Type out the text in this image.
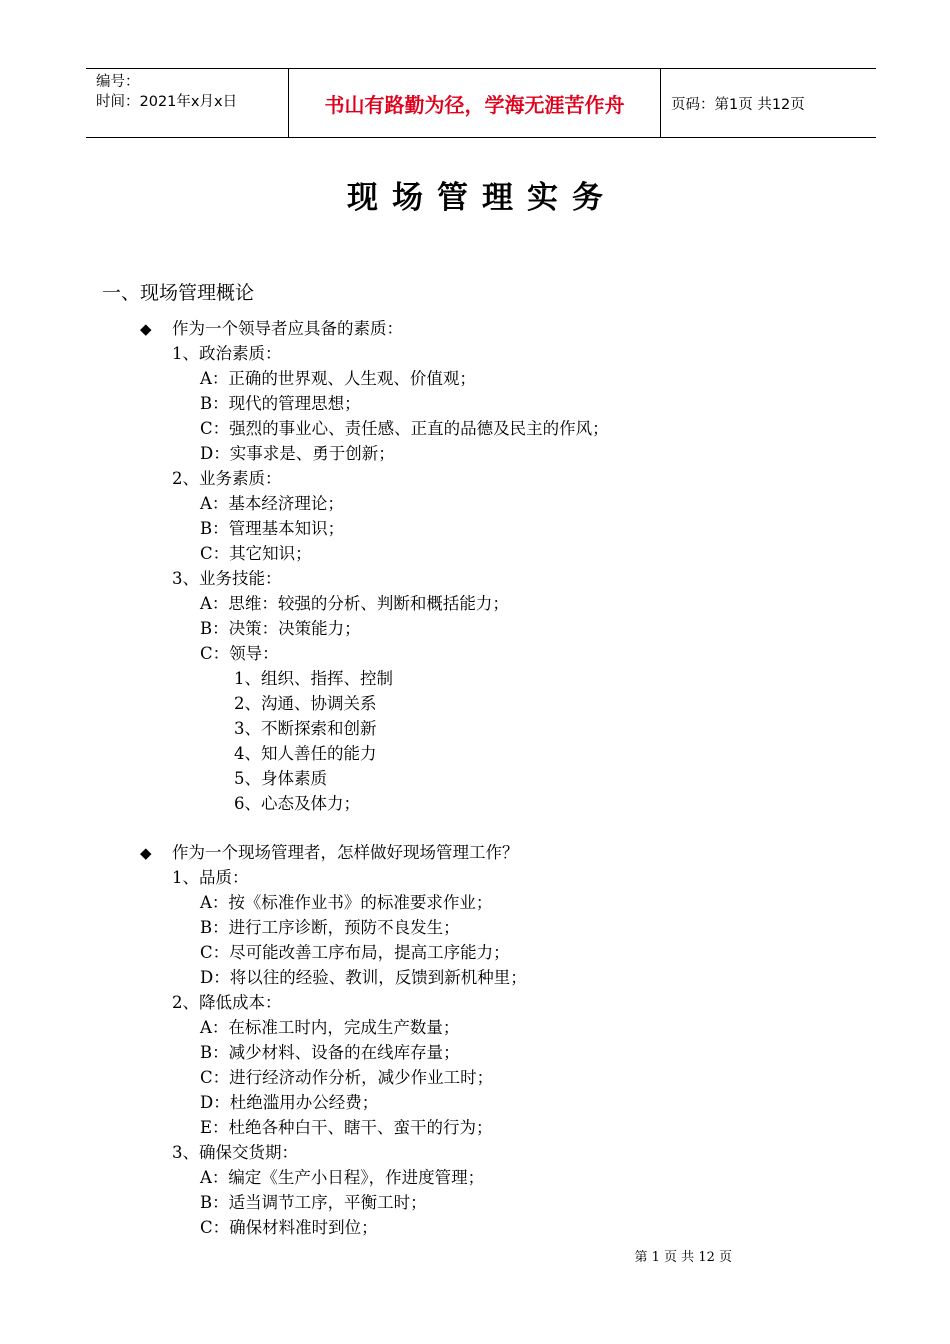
编号：
时间：2021年x月x日	书山有路勤为径，学海无涯苦作舟	页码：第1页 共12页
现场管理实务
一、现场管理概论
◆ 作为一个领导者应具备的素质：
1、政治素质：
A：正确的世界观、人生观、价值观；
B：现代的管理思想；
C：强烈的事业心、责任感、正直的品德及民主的作风；
D：实事求是、勇于创新；
2、业务素质：
A：基本经济理论；
B：管理基本知识；
C：其它知识；
3、业务技能：
A：思维：较强的分析、判断和概括能力；
B：决策：决策能力；
C：领导：
1、组织、指挥、控制
2、沟通、协调关系
3、不断探索和创新
4、知人善任的能力
5、身体素质
6、心态及体力；
◆ 作为一个现场管理者，怎样做好现场管理工作？
1、品质：
A：按《标准作业书》的标准要求作业；
B：进行工序诊断，预防不良发生；
C：尽可能改善工序布局，提高工序能力；
D：将以往的经验、教训，反馈到新机种里；
2、降低成本：
A：在标准工时内，完成生产数量；
B：减少材料、设备的在线库存量；
C：进行经济动作分析，减少作业工时；
D：杜绝滥用办公经费；
E：杜绝各种白干、瞎干、蛮干的行为；
3、确保交货期：
A：编定《生产小日程》，作进度管理；
B：适当调节工序，平衡工时；
C：确保材料准时到位；
第 1 页 共 12 页
